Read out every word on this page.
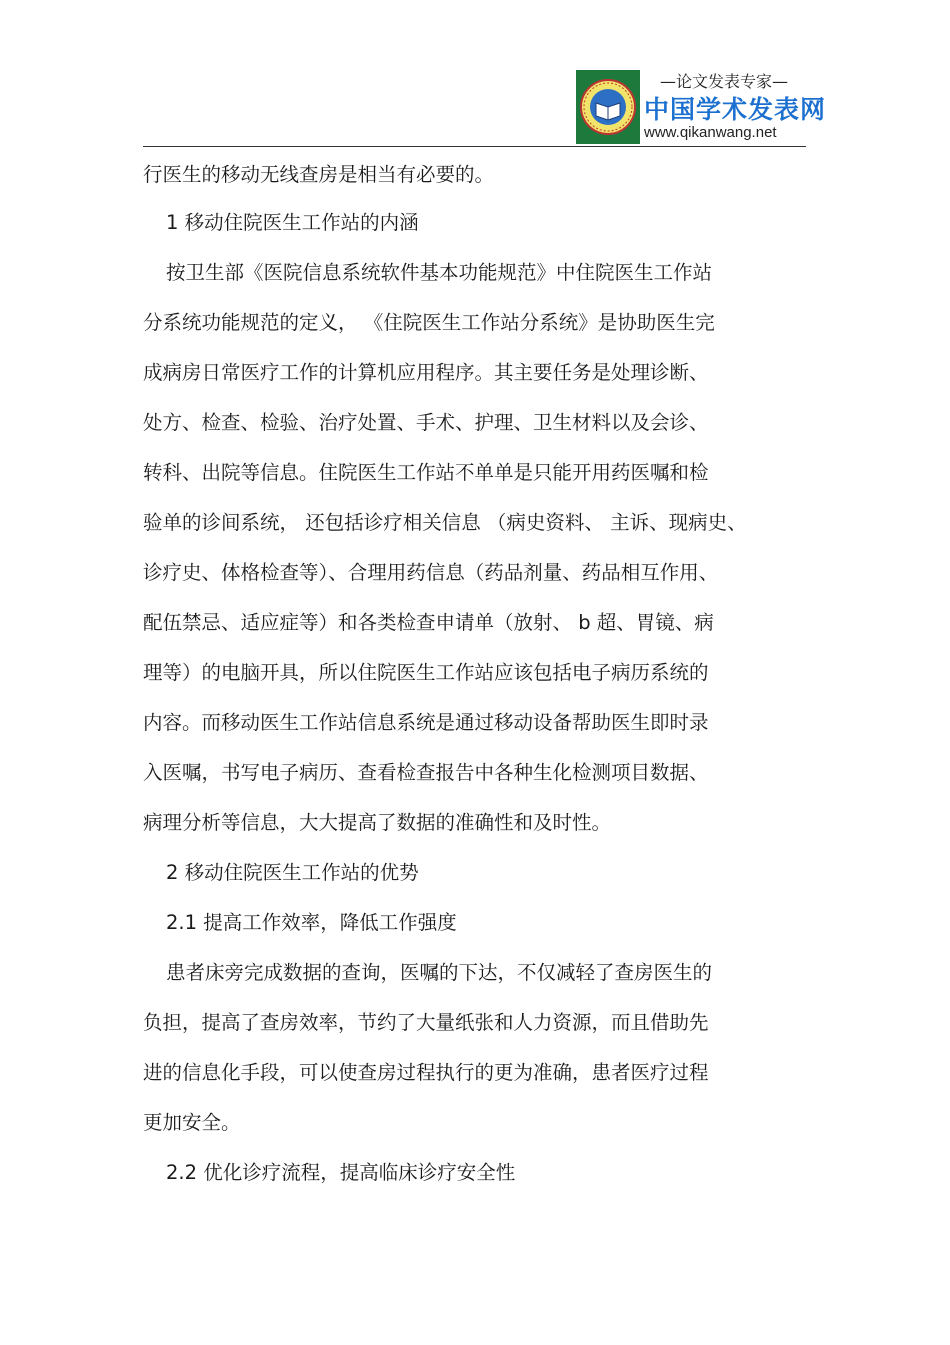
—论文发表专家—
中国学术发表网
www.qikanwang.net
行医生的移动无线查房是相当有必要的。
1 移动住院医生工作站的内涵
按卫生部《医院信息系统软件基本功能规范》中住院医生工作站
分系统功能规范的定义， 《住院医生工作站分系统》是协助医生完
成病房日常医疗工作的计算机应用程序。其主要任务是处理诊断、
处方、检查、检验、治疗处置、手术、护理、卫生材料以及会诊、
转科、出院等信息。住院医生工作站不单单是只能开用药医嘱和检
验单的诊间系统， 还包括诊疗相关信息 （病史资料、 主诉、现病史、
诊疗史、体格检查等）、合理用药信息（药品剂量、药品相互作用、
配伍禁忌、适应症等）和各类检查申请单（放射、 b 超、胃镜、病
理等）的电脑开具，所以住院医生工作站应该包括电子病历系统的
内容。而移动医生工作站信息系统是通过移动设备帮助医生即时录
入医嘱，书写电子病历、查看检查报告中各种生化检测项目数据、
病理分析等信息，大大提高了数据的准确性和及时性。
2 移动住院医生工作站的优势
2.1 提高工作效率，降低工作强度
患者床旁完成数据的查询，医嘱的下达，不仅减轻了查房医生的
负担，提高了查房效率，节约了大量纸张和人力资源，而且借助先
进的信息化手段，可以使查房过程执行的更为准确，患者医疗过程
更加安全。
2.2 优化诊疗流程，提高临床诊疗安全性
